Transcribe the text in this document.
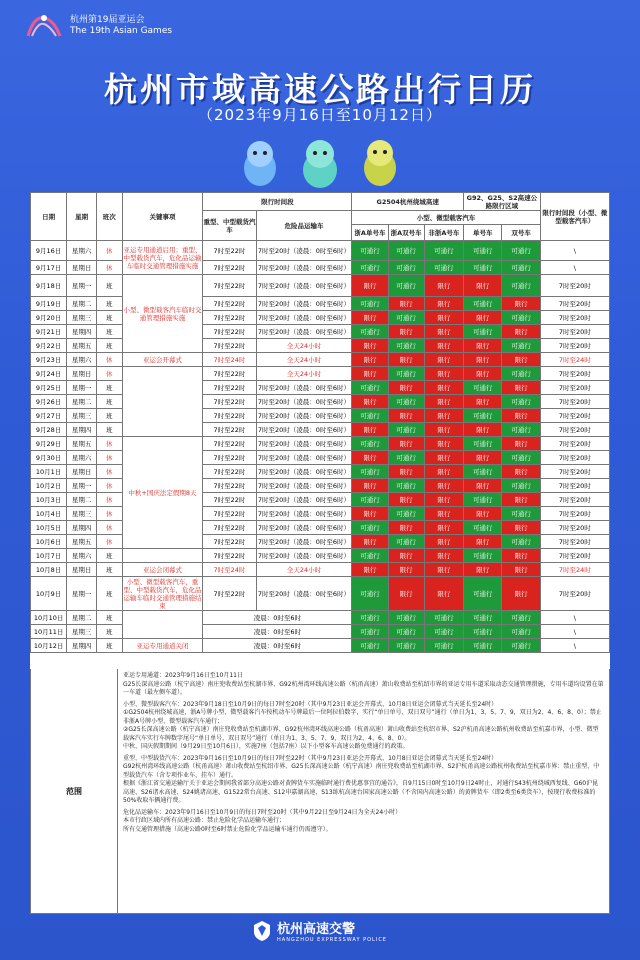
杭州第19届亚运会
The 19th Asian Games
杭州市域高速公路出行日历
（2023年9月16日至10月12日）
日期	星期	班次	关键事项	限行时间段		G2504杭州绕城高速			G92、G25、S2高速公路限行区域		限行时间段（小型、微型载客汽车）
				重型、中型载货汽车	危险品运输车	小型、微型载客汽车					
						浙A单号车	浙A双号车	非浙A号车	单号车	双号车	
9月16日	星期六	休	亚运专用通道启用；重型、中型载货汽车，危化品运输车临时交通管理措施实施	7时至22时	7时至20时（凌晨：0时至6时）	可通行	可通行	可通行	可通行	可通行	\
9月17日	星期日	休		7时至22时	7时至20时（凌晨：0时至6时）	可通行	可通行	可通行	可通行	可通行	\
9月18日	星期一	班	小型、微型载客汽车临时交通管理措施实施	7时至22时	7时至20时（凌晨：0时至6时）	限行	可通行	限行	限行	可通行	7时至20时
9月19日	星期二	班		7时至22时	7时至20时（凌晨：0时至6时）	可通行	限行	限行	可通行	限行	7时至20时
9月20日	星期三	班		7时至22时	7时至20时（凌晨：0时至6时）	限行	可通行	限行	限行	可通行	7时至20时
9月21日	星期四	班		7时至22时	7时至20时（凌晨：0时至6时）	可通行	限行	限行	可通行	限行	7时至20时
9月22日	星期五	班		7时至22时	全天24小时	限行	可通行	限行	限行	可通行	7时至20时
9月23日	星期六	休	亚运会开幕式	7时至24时	全天24小时	限行	限行	限行	限行	限行	7时至24时
9月24日	星期日	休		7时至22时	全天24小时	限行	可通行	限行	限行	可通行	7时至20时
9月25日	星期一	班		7时至22时	7时至20时（凌晨：0时至6时）	可通行	限行	限行	可通行	限行	7时至20时
9月26日	星期二	班		7时至22时	7时至20时（凌晨：0时至6时）	限行	可通行	限行	限行	可通行	7时至20时
9月27日	星期三	班		7时至22时	7时至20时（凌晨：0时至6时）	可通行	限行	限行	可通行	限行	7时至20时
9月28日	星期四	班		7时至22时	7时至20时（凌晨：0时至6时）	限行	可通行	限行	限行	可通行	7时至20时
9月29日	星期五	休	中秋+国庆法定假期8天	7时至22时	7时至20时（凌晨：0时至6时）	可通行	限行	限行	可通行	限行	7时至20时
9月30日	星期六	休		7时至22时	7时至20时（凌晨：0时至6时）	限行	可通行	限行	限行	可通行	7时至20时
10月1日	星期日	休		7时至22时	7时至20时（凌晨：0时至6时）	可通行	限行	限行	可通行	限行	7时至20时
10月2日	星期一	休		7时至22时	7时至20时（凌晨：0时至6时）	限行	可通行	限行	限行	可通行	7时至20时
10月3日	星期二	休		7时至22时	7时至20时（凌晨：0时至6时）	可通行	限行	限行	可通行	限行	7时至20时
10月4日	星期三	休		7时至22时	7时至20时（凌晨：0时至6时）	限行	可通行	限行	限行	可通行	7时至20时
10月5日	星期四	休		7时至22时	7时至20时（凌晨：0时至6时）	可通行	限行	限行	可通行	限行	7时至20时
10月6日	星期五	休		7时至22时	7时至20时（凌晨：0时至6时）	限行	可通行	限行	限行	可通行	7时至20时
10月7日	星期六	班		7时至22时	7时至20时（凌晨：0时至6时）	可通行	限行	限行	可通行	限行	7时至20时
10月8日	星期日	班	亚运会闭幕式	7时至24时	全天24小时	限行	限行	限行	限行	限行	7时至24时
10月9日	星期一	班	小型、微型载客汽车，重型、中型载货汽车，危化品运输车临时交通管理措施结束	7时至22时	7时至20时（凌晨：0时至6时）	可通行	限行	限行	可通行	限行	7时至20时
10月10日	星期二	班		凌晨：0时至6时		可通行	可通行	可通行	可通行	可通行	\
10月11日	星期三	班		凌晨：0时至6时		可通行	可通行	可通行	可通行	可通行	\
10月12日	星期四	班	亚运专用通道关闭	凌晨：0时至6时		可通行	可通行	可通行	可通行	可通行	\
范围

亚运专用通道：2023年9月16日至10月11日
G25长深高速公路（杭宁高速）南庄兜收费站至杭湖市界、G92杭州湾环线高速公路（杭甬高速）萧山收费站至杭绍市界的亚运专用车道采取动态交通管理措施，专用车道均设置在第一车道（最左侧车道）。

小型、微型载客汽车：2023年9月18日至10月9日的每日7时至20时（其中9月23日亚运会开幕式、10月8日亚运会闭幕式当天延长至24时）
①G2504杭州绕城高速，浙A号牌小型、微型载客汽车按机动车号牌最后一位阿拉伯数字，实行“单日单号、双日双号”通行（单日为1、3、5、7、9，双日为2、4、6、8、0）；禁止非浙A号牌小型、微型载客汽车通行；
②G25长深高速公路（杭宁高速）南庄兜收费站至杭湖市界、G92杭州湾环线高速公路（杭甬高速）萧山收费站至杭绍市界、S2沪杭甬高速公路杭州收费站至杭嘉市界，小型、微型载客汽车实行车牌数字尾号“单日单号、双日双号”通行（单日为1、3、5、7、9，双日为2、4、6、8、0）。
中秋、国庆假期期间（9月29日至10月6日），实施7座（包括7座）以下小型客车高速公路免费通行的政策。

重型、中型载货汽车：2023年9月16日至10月9日的每日7时至22时（其中9月23日亚运会开幕式、10月8日亚运会闭幕式当天延长至24时）
G92杭州湾环线高速公路（杭甬高速）萧山收费站至杭绍市界、G25长深高速公路（杭宁高速）南庄兜收费站至杭湖市界、S2沪杭甬高速公路杭州收费站至杭嘉市界：禁止重型、中型载货汽车（含专项作业车、挂车）通行。
根据《浙江省交通运输厅关于亚运会期间我省部分高速公路对黄牌货车实施临时通行费优惠事宜的通告》，自9月15日0时至10月9日24时止，对通行S43杭州绕城西复线、G60沪昆高速、S26诸永高速、S24姚诸高速、G1522常台高速、S12申嘉湖高速、S13练杭高速台国家高速公路（不含国内高速公路）的黄牌货车（即2类至6类货车），按现行收费标准的50%收取车辆通行费。

危化品运输车：2023年9月16日至10月9日的每日7时至20时（其中9月22日至9月24日为全天24小时）
本市行政区域内所有高速公路：禁止危险化学品运输车通行；
所有交通管理措施（高速公路0时至6时禁止危险化学品运输车通行仍需遵守）。

杭州高速交警
HANGZHOU EXPRESSWAY POLICE
